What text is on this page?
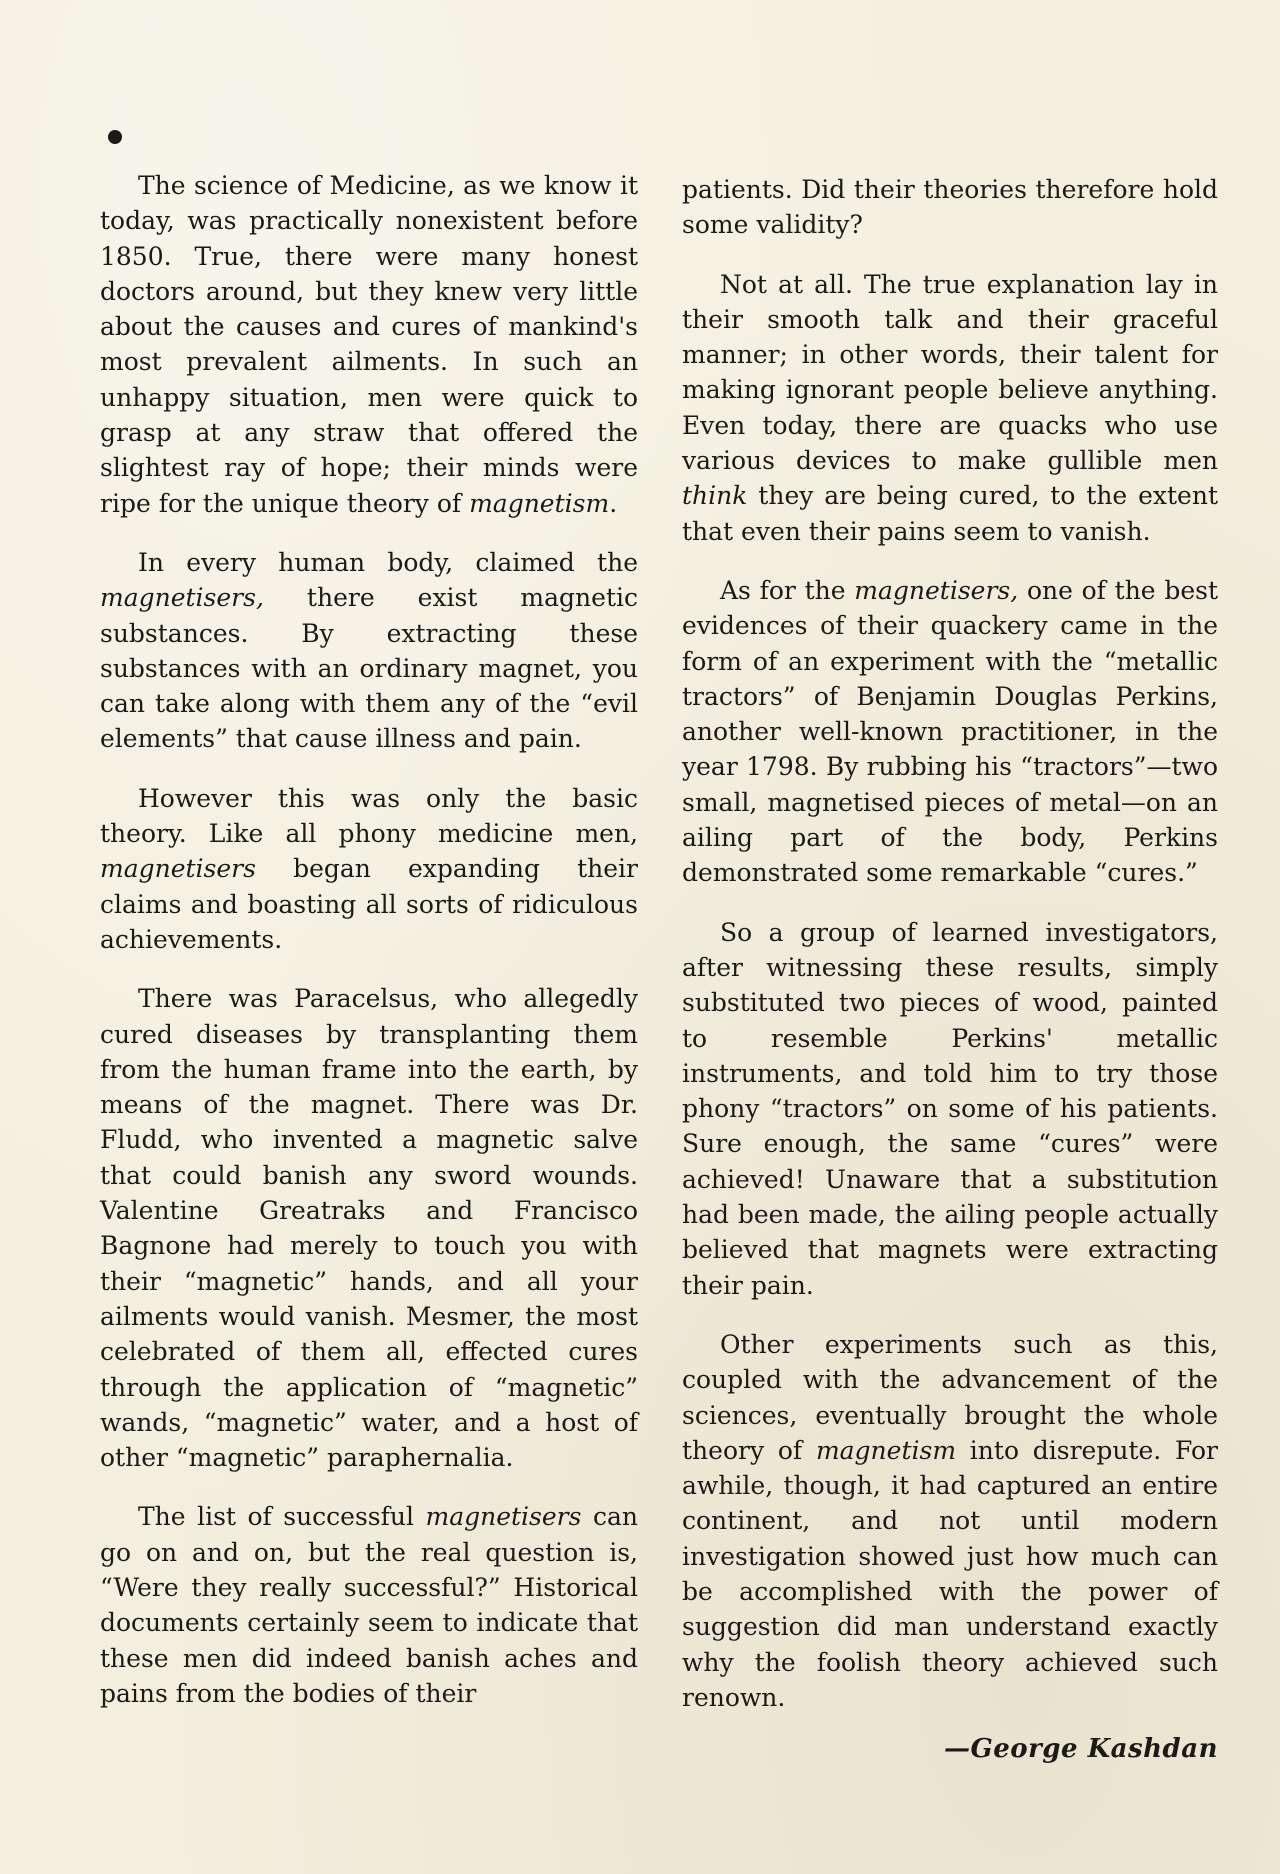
The science of Medicine, as we know it today, was practically nonexistent before 1850. True, there were many honest doctors around, but they knew very little about the causes and cures of mankind's most prevalent ailments. In such an unhappy situation, men were quick to grasp at any straw that offered the slightest ray of hope; their minds were ripe for the unique theory of magnetism.

In every human body, claimed the magnetisers, there exist magnetic substances. By extracting these substances with an ordinary magnet, you can take along with them any of the “evil elements” that cause illness and pain.

However this was only the basic theory. Like all phony medicine men, magnetisers began expanding their claims and boasting all sorts of ridiculous achievements.

There was Paracelsus, who allegedly cured diseases by transplanting them from the human frame into the earth, by means of the magnet. There was Dr. Fludd, who invented a magnetic salve that could banish any sword wounds. Valentine Greatraks and Francisco Bagnone had merely to touch you with their “magnetic” hands, and all your ailments would vanish. Mesmer, the most celebrated of them all, effected cures through the application of “magnetic” wands, “magnetic” water, and a host of other “magnetic” paraphernalia.

The list of successful magnetisers can go on and on, but the real question is, “Were they really successful?” Historical documents certainly seem to indicate that these men did indeed banish aches and pains from the bodies of their

patients. Did their theories therefore hold some validity?

Not at all. The true explanation lay in their smooth talk and their graceful manner; in other words, their talent for making ignorant people believe anything. Even today, there are quacks who use various devices to make gullible men think they are being cured, to the extent that even their pains seem to vanish.

As for the magnetisers, one of the best evidences of their quackery came in the form of an experiment with the “metallic tractors” of Benjamin Douglas Perkins, another well-known practitioner, in the year 1798. By rubbing his “tractors”—two small, magnetised pieces of metal—on an ailing part of the body, Perkins demonstrated some remarkable “cures.”

So a group of learned investigators, after witnessing these results, simply substituted two pieces of wood, painted to resemble Perkins' metallic instruments, and told him to try those phony “tractors” on some of his patients. Sure enough, the same “cures” were achieved! Unaware that a substitution had been made, the ailing people actually believed that magnets were extracting their pain.

Other experiments such as this, coupled with the advancement of the sciences, eventually brought the whole theory of magnetism into disrepute. For awhile, though, it had captured an entire continent, and not until modern investigation showed just how much can be accomplished with the power of suggestion did man understand exactly why the foolish theory achieved such renown.

—George Kashdan
